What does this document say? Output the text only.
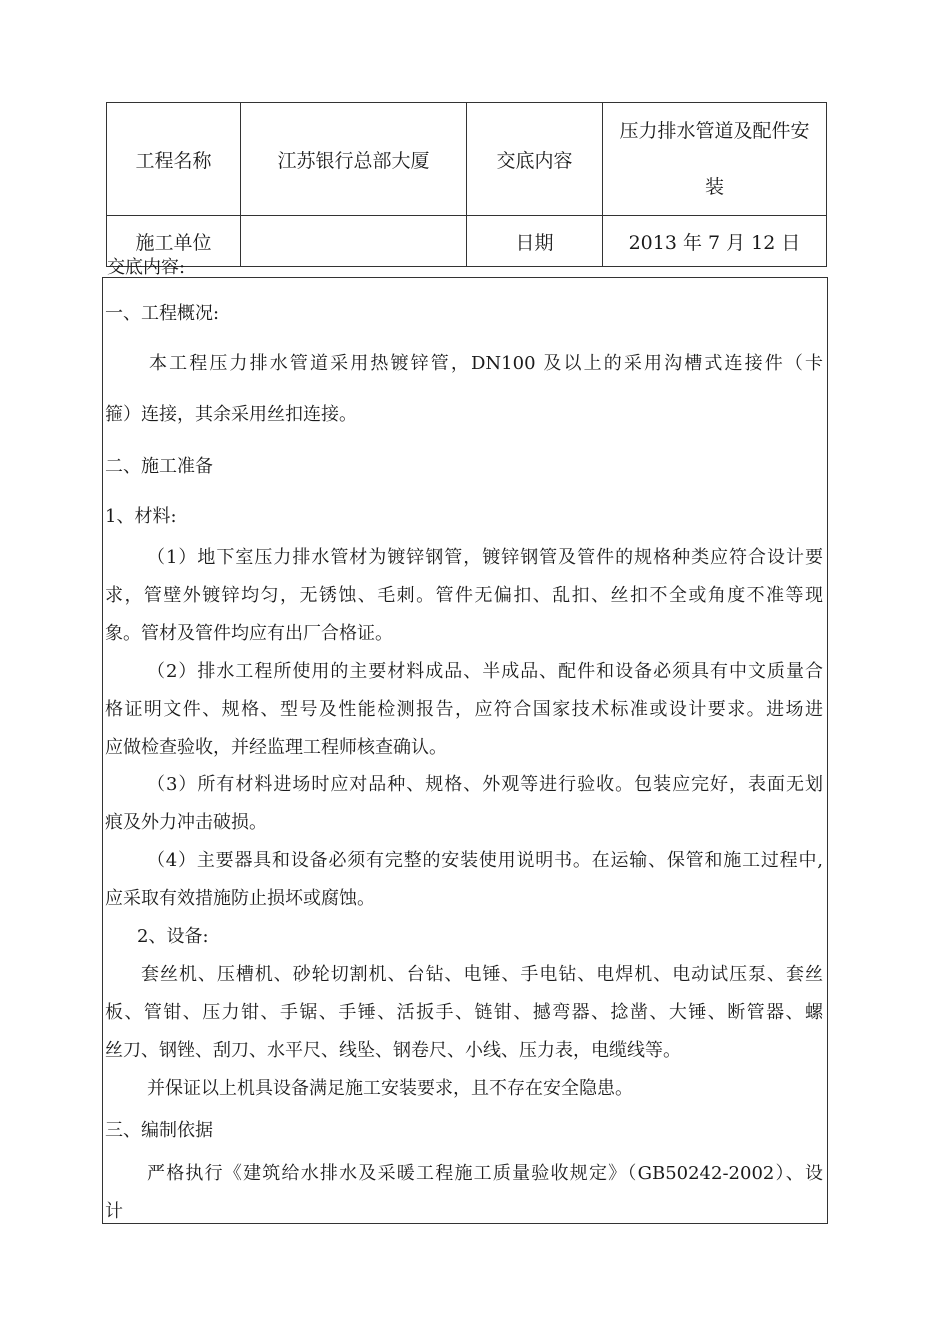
工程名称	江苏银行总部大厦	交底内容	压力排水管道及配件安
装

施工单位		日期	2013 年 7 月 12 日
交底内容:
一、工程概况:
本工程压力排水管道采用热镀锌管，DN100 及以上的采用沟槽式连接件（卡
箍）连接，其余采用丝扣连接。
二、施工准备
1、材料:
（1）地下室压力排水管材为镀锌钢管，镀锌钢管及管件的规格种类应符合设计要
求，管壁外镀锌均匀，无锈蚀、毛刺。管件无偏扣、乱扣、丝扣不全或角度不准等现
象。管材及管件均应有出厂合格证。
（2）排水工程所使用的主要材料成品、半成品、配件和设备必须具有中文质量合
格证明文件、规格、型号及性能检测报告，应符合国家技术标准或设计要求。进场进
应做检查验收，并经监理工程师核查确认。
（3）所有材料进场时应对品种、规格、外观等进行验收。包装应完好，表面无划
痕及外力冲击破损。
（4）主要器具和设备必须有完整的安装使用说明书。在运输、保管和施工过程中,
应采取有效措施防止损坏或腐蚀。
2、设备:
套丝机、压槽机、砂轮切割机、台钻、电锤、手电钻、电焊机、电动试压泵、套丝
板、管钳、压力钳、手锯、手锤、活扳手、链钳、撼弯器、捻凿、大锤、断管器、螺
丝刀、钢锉、刮刀、水平尺、线坠、钢卷尺、小线、压力表，电缆线等。
并保证以上机具设备满足施工安装要求，且不存在安全隐患。
三、编制依据
严格执行《建筑给水排水及采暖工程施工质量验收规定》（GB50242-2002）、设
计
